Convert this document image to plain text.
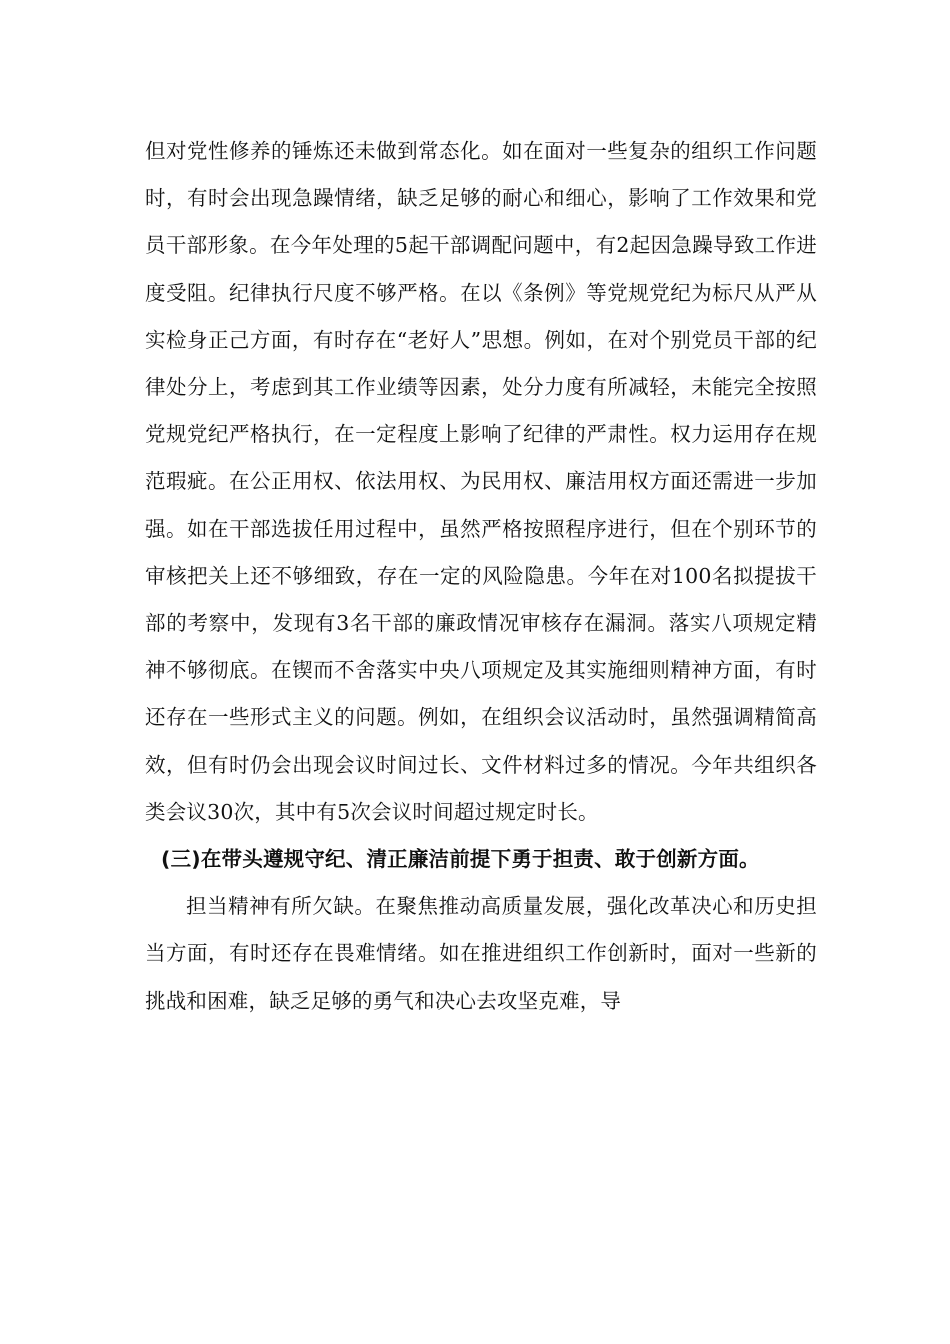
但对党性修养的锤炼还未做到常态化。如在面对一些复杂的组织工作问题时，有时会出现急躁情绪，缺乏足够的耐心和细心，影响了工作效果和党员干部形象。在今年处理的5起干部调配问题中，有2起因急躁导致工作进度受阻。纪律执行尺度不够严格。在以《条例》等党规党纪为标尺从严从实检身正己方面，有时存在“老好人”思想。例如，在对个别党员干部的纪律处分上，考虑到其工作业绩等因素，处分力度有所减轻，未能完全按照党规党纪严格执行，在一定程度上影响了纪律的严肃性。权力运用存在规范瑕疵。在公正用权、依法用权、为民用权、廉洁用权方面还需进一步加强。如在干部选拔任用过程中，虽然严格按照程序进行，但在个别环节的审核把关上还不够细致，存在一定的风险隐患。今年在对100名拟提拔干部的考察中，发现有3名干部的廉政情况审核存在漏洞。落实八项规定精神不够彻底。在锲而不舍落实中央八项规定及其实施细则精神方面，有时还存在一些形式主义的问题。例如，在组织会议活动时，虽然强调精简高效，但有时仍会出现会议时间过长、文件材料过多的情况。今年共组织各类会议30次，其中有5次会议时间超过规定时长。

(三)在带头遵规守纪、清正廉洁前提下勇于担责、敢于创新方面。

担当精神有所欠缺。在聚焦推动高质量发展，强化改革决心和历史担当方面，有时还存在畏难情绪。如在推进组织工作创新时，面对一些新的挑战和困难，缺乏足够的勇气和决心去攻坚克难，导
